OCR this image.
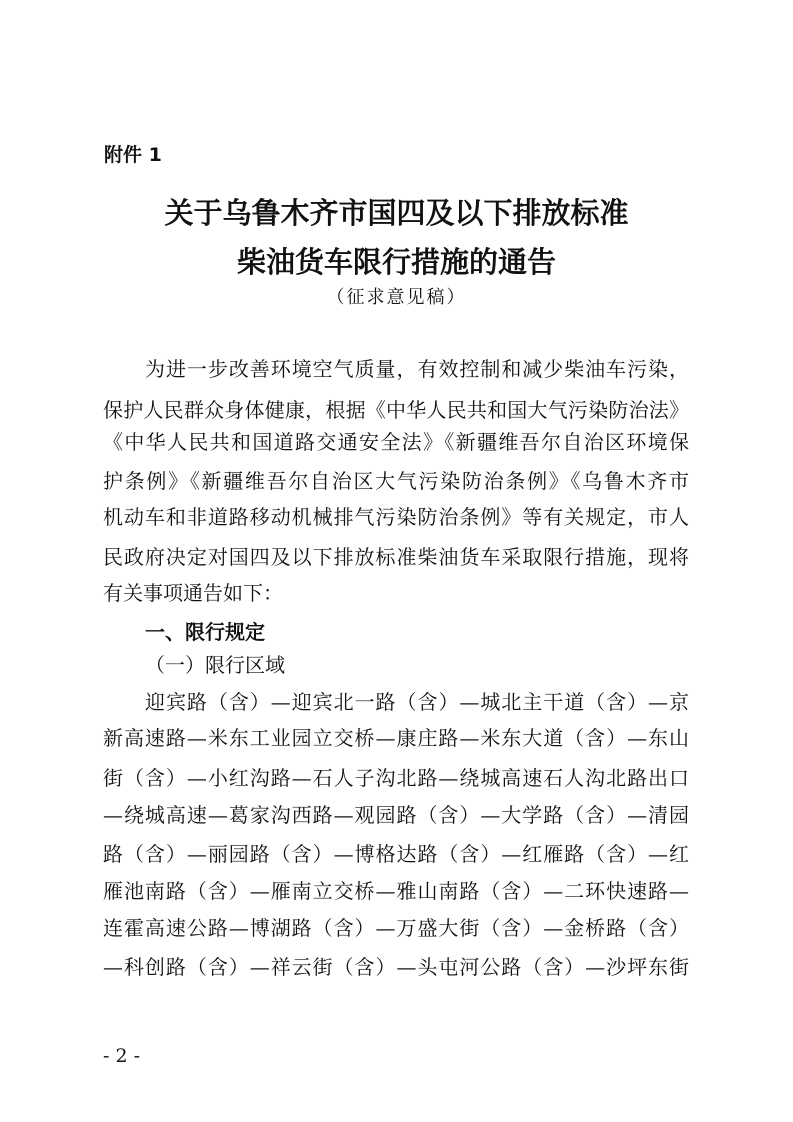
附件 1
关于乌鲁木齐市国四及以下排放标准
柴油货车限行措施的通告
（征求意见稿）
为进一步改善环境空气质量，有效控制和减少柴油车污染，
保护人民群众身体健康，根据《中华人民共和国大气污染防治法》
《中华人民共和国道路交通安全法》《新疆维吾尔自治区环境保
护条例》《新疆维吾尔自治区大气污染防治条例》《乌鲁木齐市
机动车和非道路移动机械排气污染防治条例》等有关规定，市人
民政府决定对国四及以下排放标准柴油货车采取限行措施，现将
有关事项通告如下：
一、限行规定
（一）限行区域
迎宾路（含）—迎宾北一路（含）—城北主干道（含）—京
新高速路—米东工业园立交桥—康庄路—米东大道（含）—东山
街（含）—小红沟路—石人子沟北路—绕城高速石人沟北路出口
—绕城高速—葛家沟西路—观园路（含）—大学路（含）—清园
路（含）—丽园路（含）—博格达路（含）—红雁路（含）—红
雁池南路（含）—雁南立交桥—雅山南路（含）—二环快速路—
连霍高速公路—博湖路（含）—万盛大街（含）—金桥路（含）
—科创路（含）—祥云街（含）—头屯河公路（含）—沙坪东街
- 2 -
